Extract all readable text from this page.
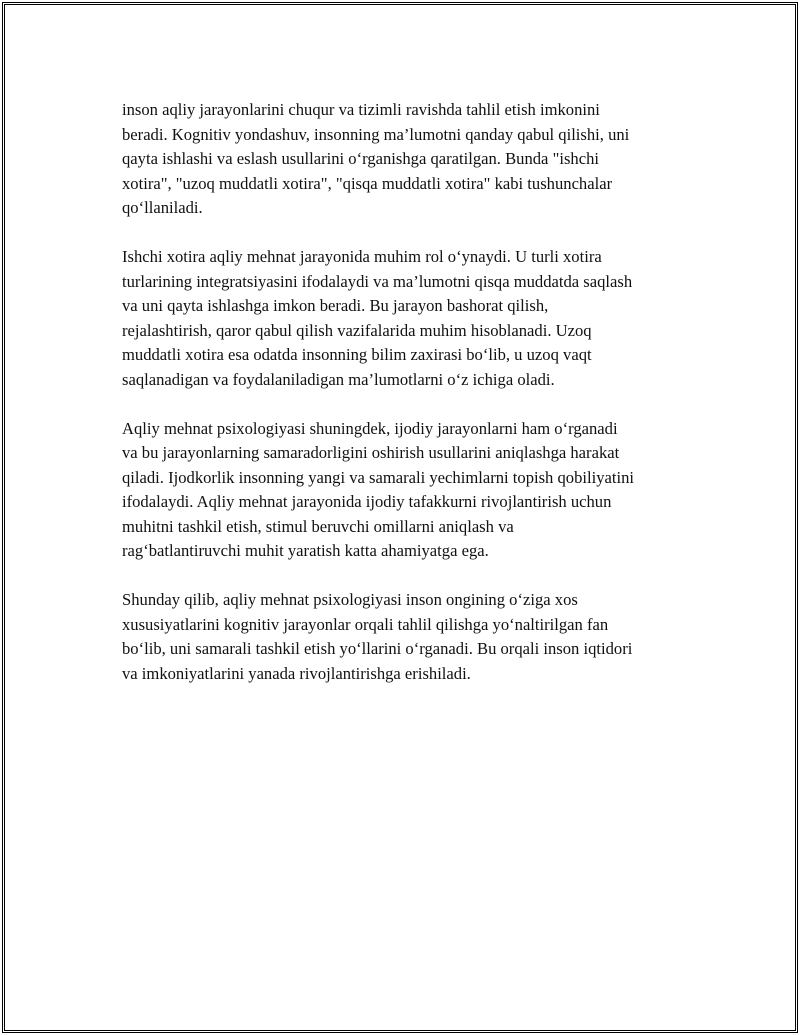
inson aqliy jarayonlarini chuqur va tizimli ravishda tahlil etish imkonini
beradi. Kognitiv yondashuv, insonning ma’lumotni qanday qabul qilishi, uni
qayta ishlashi va eslash usullarini o‘rganishga qaratilgan. Bunda "ishchi
xotira", "uzoq muddatli xotira", "qisqa muddatli xotira" kabi tushunchalar
qo‘llaniladi.

Ishchi xotira aqliy mehnat jarayonida muhim rol o‘ynaydi. U turli xotira
turlarining integratsiyasini ifodalaydi va ma’lumotni qisqa muddatda saqlash
va uni qayta ishlashga imkon beradi. Bu jarayon bashorat qilish,
rejalashtirish, qaror qabul qilish vazifalarida muhim hisoblanadi. Uzoq
muddatli xotira esa odatda insonning bilim zaxirasi bo‘lib, u uzoq vaqt
saqlanadigan va foydalaniladigan ma’lumotlarni o‘z ichiga oladi.

Aqliy mehnat psixologiyasi shuningdek, ijodiy jarayonlarni ham o‘rganadi
va bu jarayonlarning samaradorligini oshirish usullarini aniqlashga harakat
qiladi. Ijodkorlik insonning yangi va samarali yechimlarni topish qobiliyatini
ifodalaydi. Aqliy mehnat jarayonida ijodiy tafakkurni rivojlantirish uchun
muhitni tashkil etish, stimul beruvchi omillarni aniqlash va
rag‘batlantiruvchi muhit yaratish katta ahamiyatga ega.

Shunday qilib, aqliy mehnat psixologiyasi inson ongining o‘ziga xos
xususiyatlarini kognitiv jarayonlar orqali tahlil qilishga yo‘naltirilgan fan
bo‘lib, uni samarali tashkil etish yo‘llarini o‘rganadi. Bu orqali inson iqtidori
va imkoniyatlarini yanada rivojlantirishga erishiladi.
